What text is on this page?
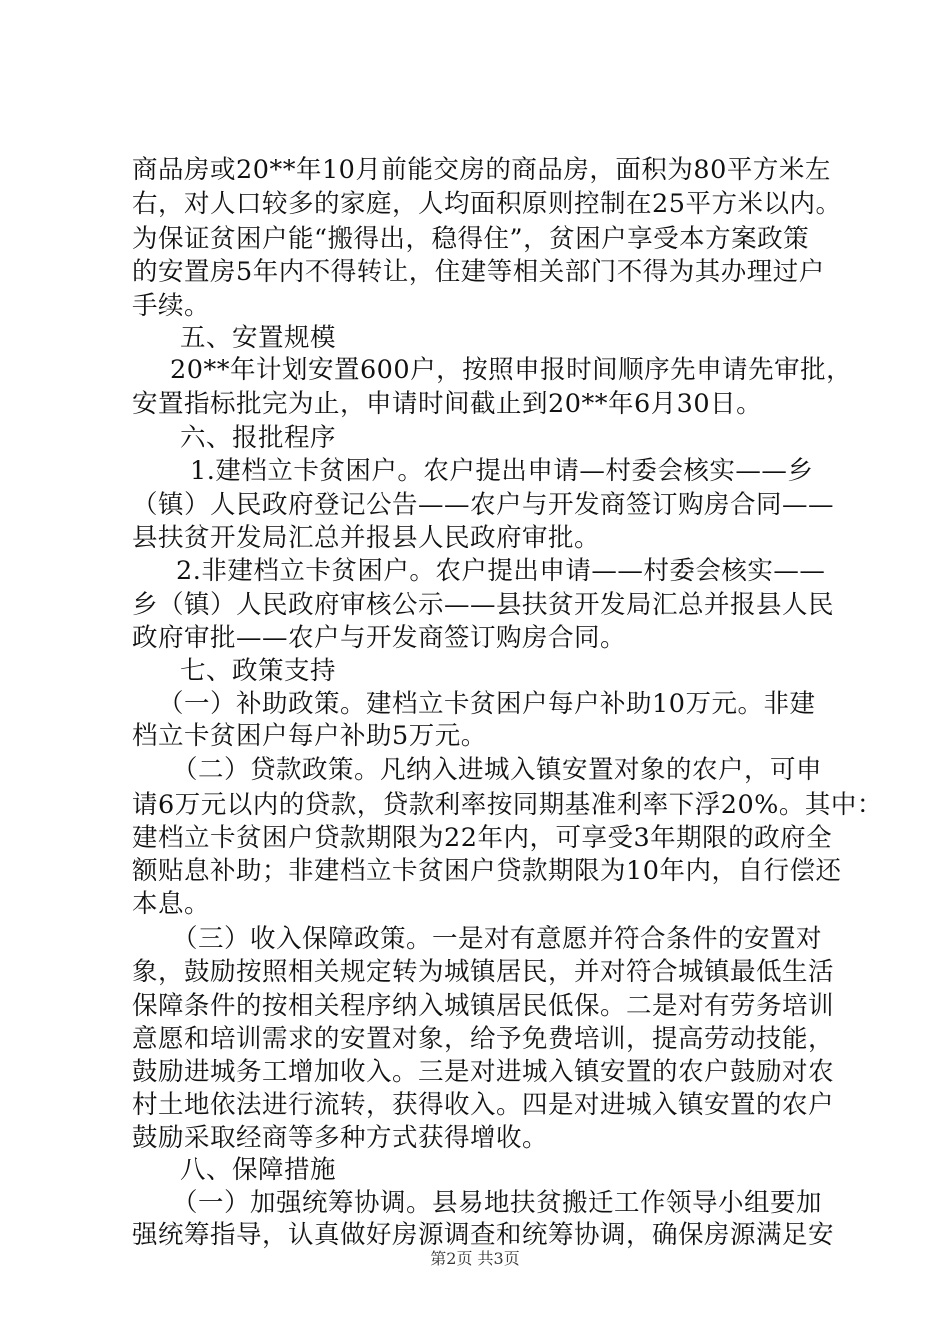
商品房或20**年10月前能交房的商品房，面积为80平方米左
右，对人口较多的家庭，人均面积原则控制在25平方米以内。
为保证贫困户能“搬得出，稳得住”，贫困户享受本方案政策
的安置房5年内不得转让，住建等相关部门不得为其办理过户
手续。
五、安置规模
20**年计划安置600户，按照申报时间顺序先申请先审批，
安置指标批完为止，申请时间截止到20**年6月30日。
六、报批程序
1.建档立卡贫困户。农户提出申请—村委会核实——乡
（镇）人民政府登记公告——农户与开发商签订购房合同——
县扶贫开发局汇总并报县人民政府审批。
2.非建档立卡贫困户。农户提出申请——村委会核实——
乡（镇）人民政府审核公示——县扶贫开发局汇总并报县人民
政府审批——农户与开发商签订购房合同。
七、政策支持
（一）补助政策。建档立卡贫困户每户补助10万元。非建
档立卡贫困户每户补助5万元。
（二）贷款政策。凡纳入进城入镇安置对象的农户，可申
请6万元以内的贷款，贷款利率按同期基准利率下浮20%。其中：
建档立卡贫困户贷款期限为22年内，可享受3年期限的政府全
额贴息补助；非建档立卡贫困户贷款期限为10年内，自行偿还
本息。
（三）收入保障政策。一是对有意愿并符合条件的安置对
象，鼓励按照相关规定转为城镇居民，并对符合城镇最低生活
保障条件的按相关程序纳入城镇居民低保。二是对有劳务培训
意愿和培训需求的安置对象，给予免费培训，提高劳动技能，
鼓励进城务工增加收入。三是对进城入镇安置的农户鼓励对农
村土地依法进行流转，获得收入。四是对进城入镇安置的农户
鼓励采取经商等多种方式获得增收。
八、保障措施
（一）加强统筹协调。县易地扶贫搬迁工作领导小组要加
强统筹指导，认真做好房源调查和统筹协调，确保房源满足安
第2页 共3页
